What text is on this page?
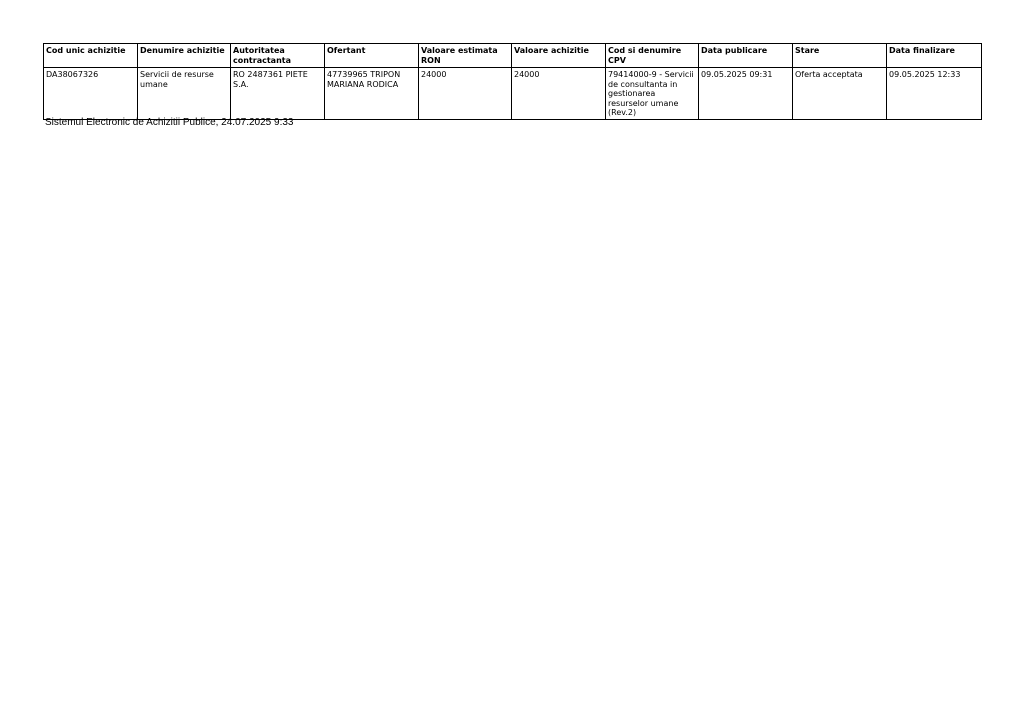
Cod unic achizitie	Denumire achizitie	Autoritatea contractanta	Ofertant	Valoare estimata RON	Valoare achizitie	Cod si denumire CPV	Data publicare	Stare	Data finalizare
DA38067326	Servicii de resurse umane	RO 2487361 PIETE S.A.	47739965 TRIPON MARIANA RODICA	24000	24000	79414000-9 - Servicii de consultanta in gestionarea resurselor umane (Rev.2)	09.05.2025 09:31	Oferta acceptata	09.05.2025 12:33
Sistemul Electronic de Achizitii Publice, 24.07.2025 9:33
